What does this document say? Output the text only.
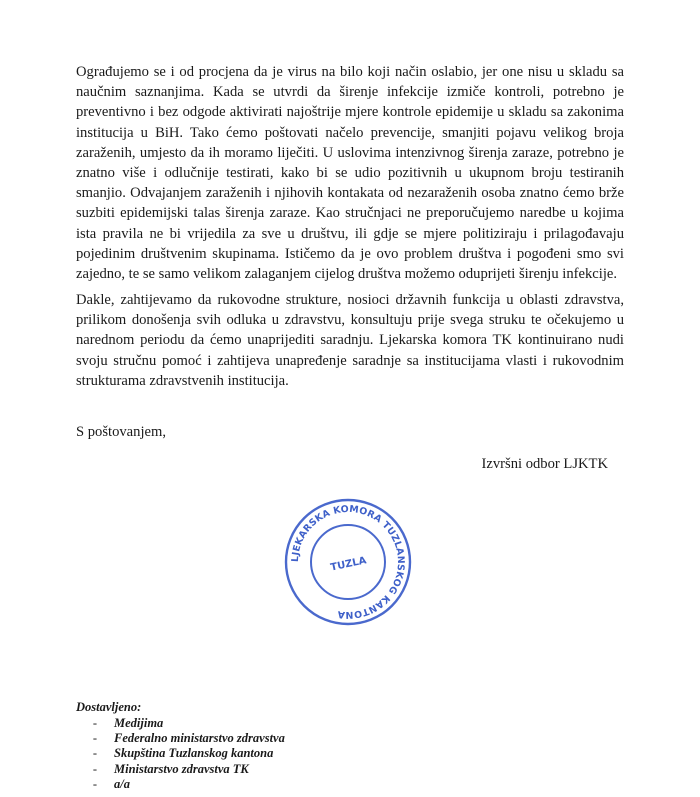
Ograđujemo se i od procjena da je virus na bilo koji način oslabio, jer one nisu u skladu sa naučnim saznanjima. Kada se utvrdi da širenje infekcije izmiče kontroli, potrebno je preventivno i bez odgode aktivirati najoštrije mjere kontrole epidemije u skladu sa zakonima institucija u BiH. Tako ćemo poštovati načelo prevencije, smanjiti pojavu velikog broja zaraženih, umjesto da ih moramo liječiti. U uslovima intenzivnog širenja zaraze, potrebno je znatno više i odlučnije testirati, kako bi se udio pozitivnih u ukupnom broju testiranih smanjio. Odvajanjem zaraženih i njihovih kontakata od nezaraženih osoba znatno ćemo brže suzbiti epidemijski talas širenja zaraze. Kao stručnjaci ne preporučujemo naredbe u kojima ista pravila ne bi vrijedila za sve u društvu, ili gdje se mjere politiziraju i prilagođavaju pojedinim društvenim skupinama. Ističemo da je ovo problem društva i pogođeni smo svi zajedno, te se samo velikom zalaganjem cijelog društva možemo oduprijeti širenju infekcije.

Dakle, zahtijevamo da rukovodne strukture, nosioci državnih funkcija u oblasti zdravstva, prilikom donošenja svih odluka u zdravstvu, konsultuju prije svega struku te očekujemo u narednom periodu da ćemo unaprijediti saradnju. Ljekarska komora TK kontinuirano nudi svoju stručnu pomoć i zahtijeva unapređenje saradnje sa institucijama vlasti i rukovodnim strukturama zdravstvenih institucija.

S poštovanjem,

Izvršni odbor LJKTK

LJEKARSKA KOMORA TUZLANSKOG KANTONA
TUZLA

Dostavljeno:

- Medijima
- Federalno ministarstvo zdravstva
- Skupština Tuzlanskog kantona
- Ministarstvo zdravstva TK
- a/a
